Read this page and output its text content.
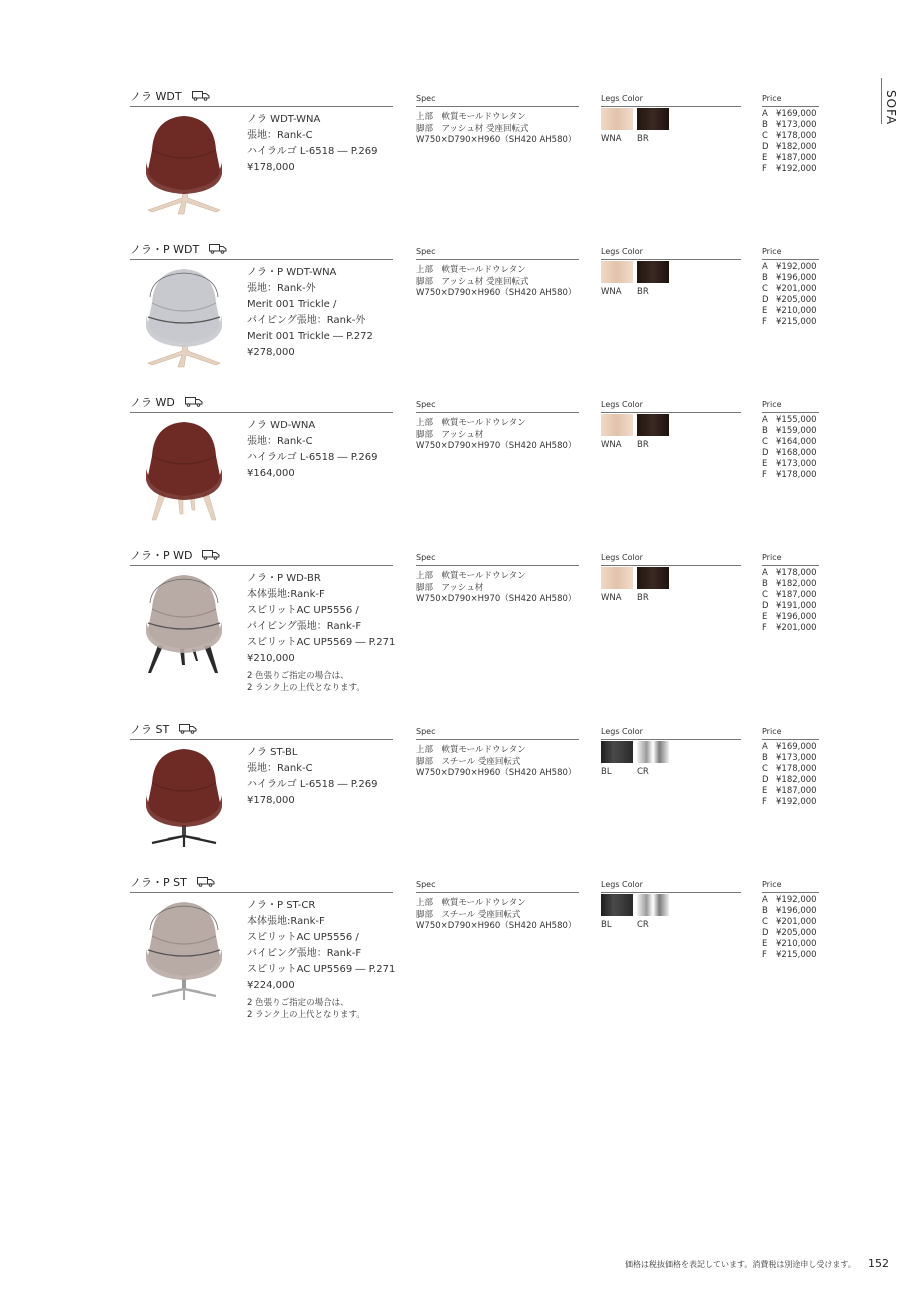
SOFA
ノラ WDT	Spec	Legs Color	Price
ノラ WDT-WNA
張地：Rank-C
ハイラルゴ L-6518 ― P.269
¥178,000
上部　軟質モールドウレタン
脚部　アッシュ材 受座回転式
W750×D790×H960（SH420 AH580）	WNA BR
A ¥169,000
B ¥173,000
C ¥178,000
D ¥182,000
E ¥187,000
F ¥192,000
ノラ・P WDT	Spec	Legs Color	Price
ノラ・P WDT-WNA
張地：Rank-外
Merit 001 Trickle /
パイピング張地：Rank-外
Merit 001 Trickle ― P.272
¥278,000
上部　軟質モールドウレタン
脚部　アッシュ材 受座回転式
W750×D790×H960（SH420 AH580）	WNA BR
A ¥192,000
B ¥196,000
C ¥201,000
D ¥205,000
E ¥210,000
F ¥215,000
ノラ WD	Spec	Legs Color	Price
ノラ WD-WNA
張地：Rank-C
ハイラルゴ L-6518 ― P.269
¥164,000
上部　軟質モールドウレタン
脚部　アッシュ材
W750×D790×H970（SH420 AH580）	WNA BR
A ¥155,000
B ¥159,000
C ¥164,000
D ¥168,000
E ¥173,000
F ¥178,000
ノラ・P WD	Spec	Legs Color	Price
ノラ・P WD-BR
本体張地:Rank-F
スピリットAC UP5556 /
パイピング張地：Rank-F
スピリットAC UP5569 ― P.271
¥210,000
2 色張りご指定の場合は、
2 ランク上の上代となります。
上部　軟質モールドウレタン
脚部　アッシュ材
W750×D790×H970（SH420 AH580）	WNA BR
A ¥178,000
B ¥182,000
C ¥187,000
D ¥191,000
E ¥196,000
F ¥201,000
ノラ ST	Spec	Legs Color	Price
ノラ ST-BL
張地：Rank-C
ハイラルゴ L-6518 ― P.269
¥178,000
上部　軟質モールドウレタン
脚部　スチール 受座回転式
W750×D790×H960（SH420 AH580）	BL	CR
A ¥169,000
B ¥173,000
C ¥178,000
D ¥182,000
E ¥187,000
F ¥192,000
ノラ・P ST	Spec	Legs Color	Price
ノラ・P ST-CR
本体張地:Rank-F
スピリットAC UP5556 /
パイピング張地：Rank-F
スピリットAC UP5569 ― P.271
¥224,000
2 色張りご指定の場合は、
2 ランク上の上代となります。
上部　軟質モールドウレタン
脚部　スチール 受座回転式
W750×D790×H960（SH420 AH580）	BL	CR
A ¥192,000
B ¥196,000
C ¥201,000
D ¥205,000
E ¥210,000
F ¥215,000
価格は税抜価格を表記しています。消費税は別途申し受けます。 152
